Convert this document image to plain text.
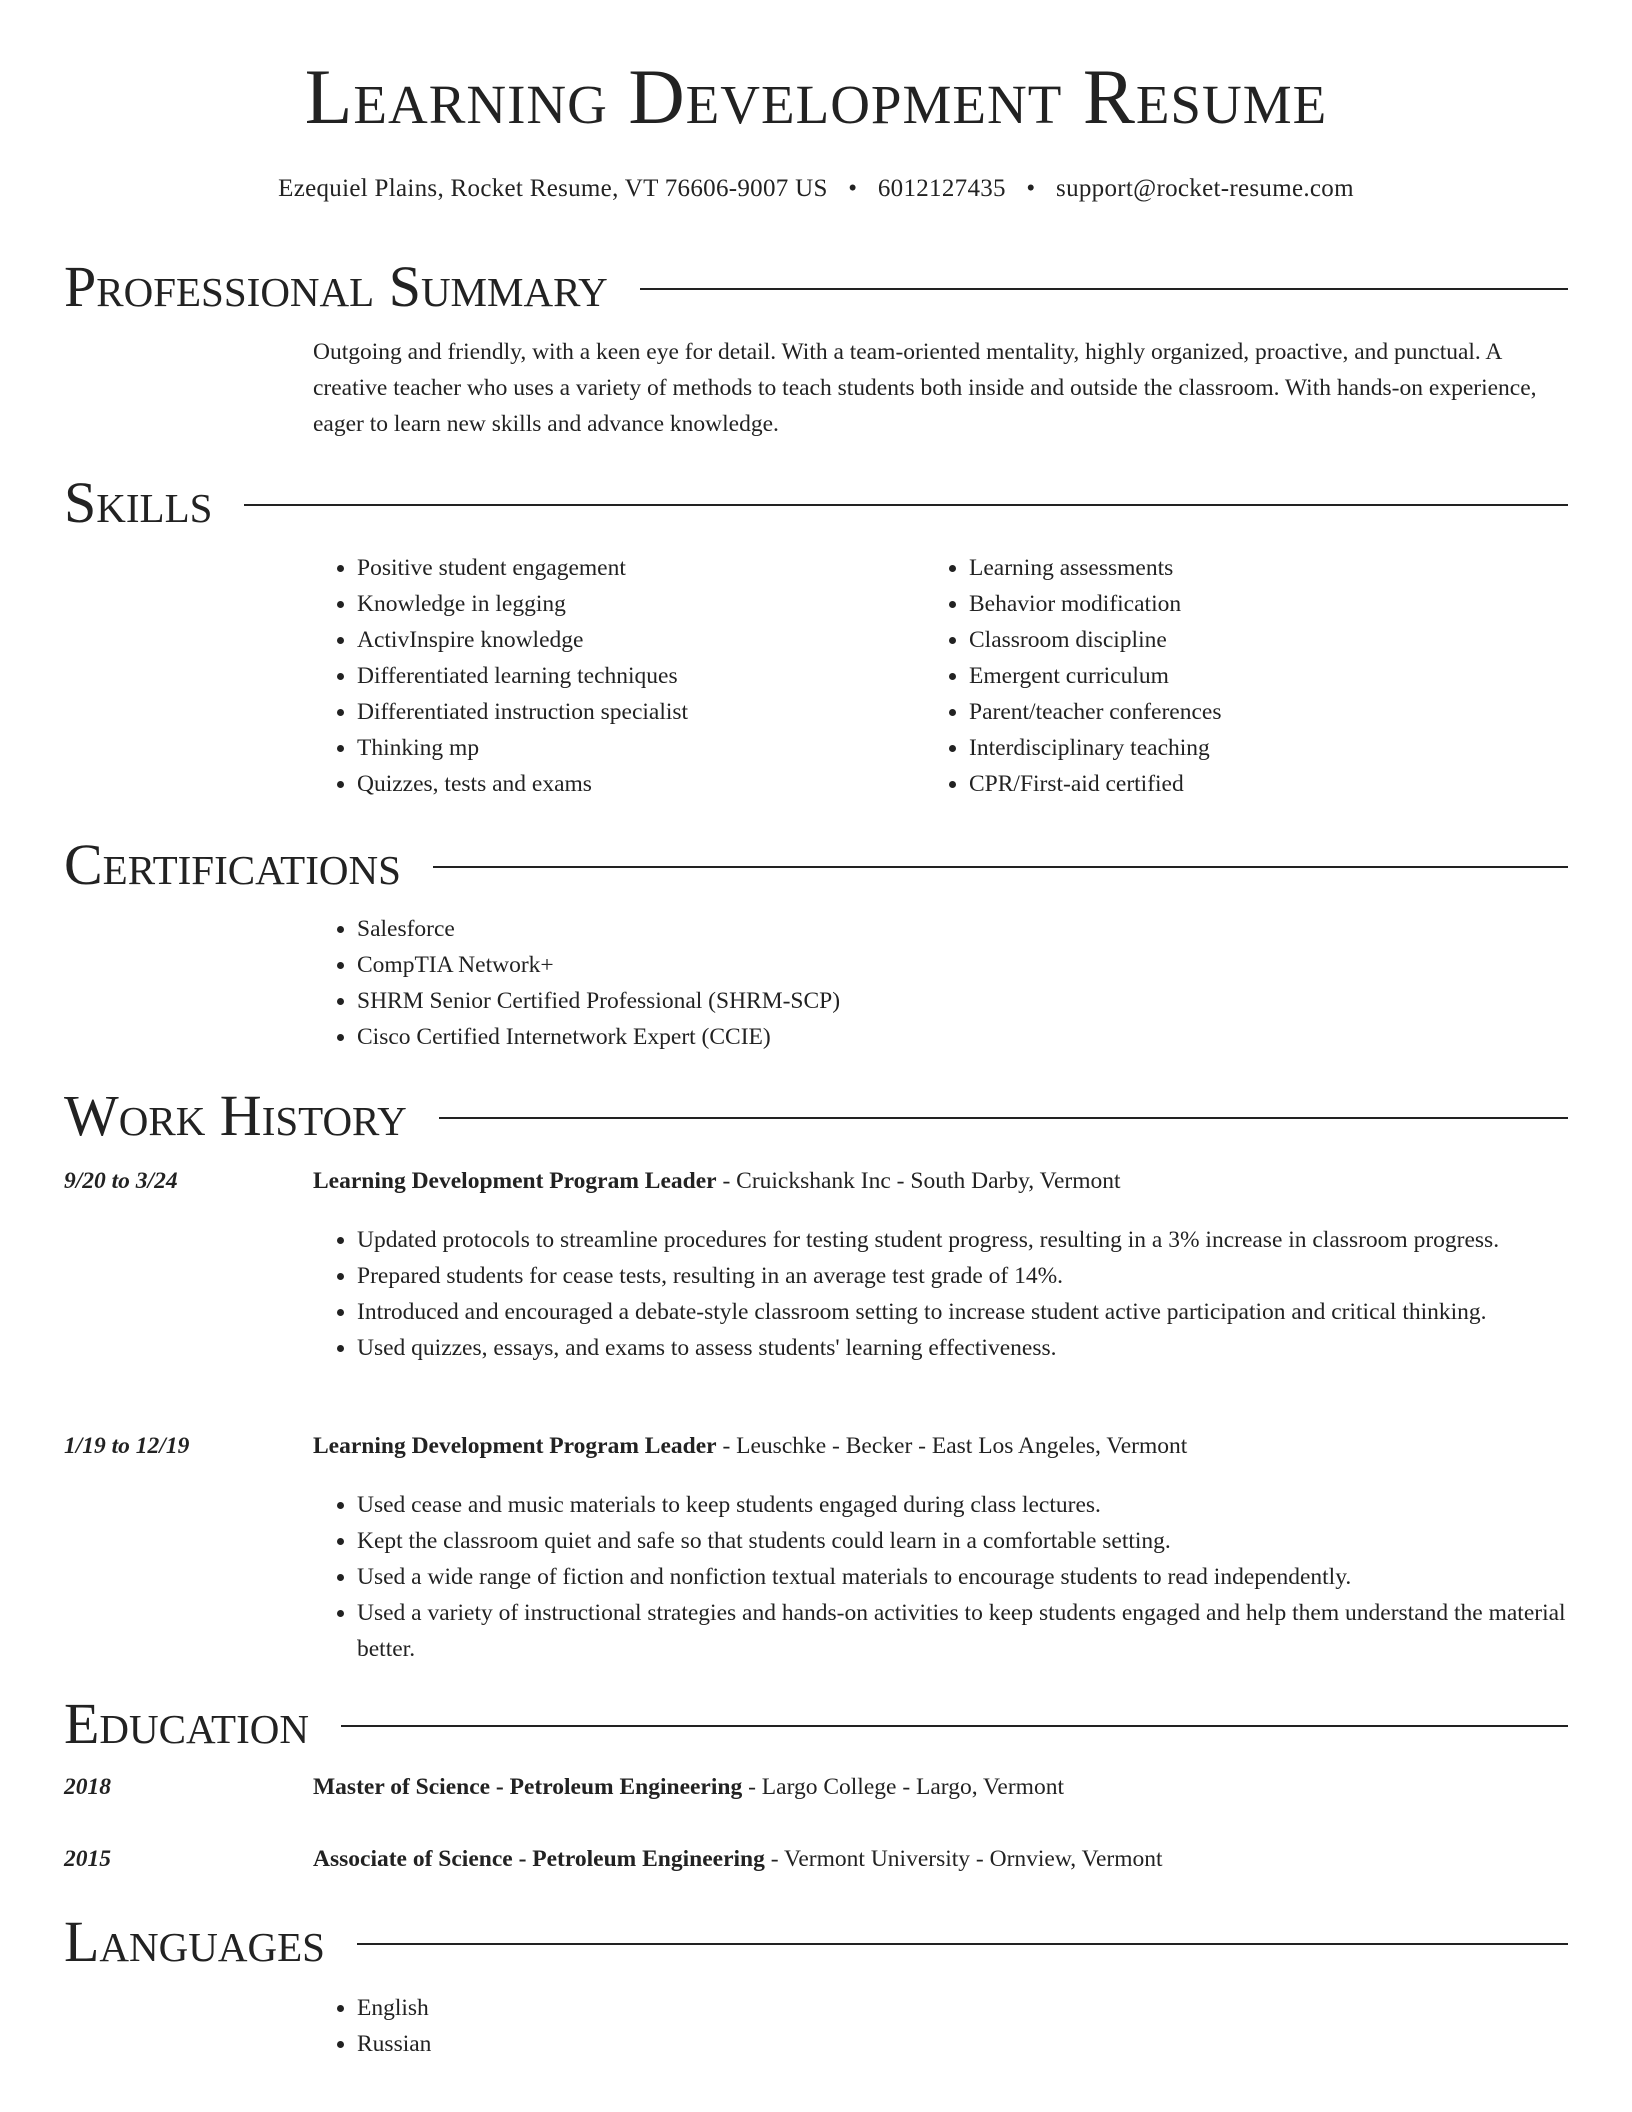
Learning Development Resume
Ezequiel Plains, Rocket Resume, VT 76606-9007 US • 6012127435 • support@rocket-resume.com
Professional Summary
Outgoing and friendly, with a keen eye for detail. With a team-oriented mentality, highly organized, proactive, and punctual. A creative teacher who uses a variety of methods to teach students both inside and outside the classroom. With hands-on experience, eager to learn new skills and advance knowledge.
Skills
• Positive student engagement
• Knowledge in legging
• ActivInspire knowledge
• Differentiated learning techniques
• Differentiated instruction specialist
• Thinking mp
• Quizzes, tests and exams
• Learning assessments
• Behavior modification
• Classroom discipline
• Emergent curriculum
• Parent/teacher conferences
• Interdisciplinary teaching
• CPR/First-aid certified
Certifications
• Salesforce
• CompTIA Network+
• SHRM Senior Certified Professional (SHRM-SCP)
• Cisco Certified Internetwork Expert (CCIE)
Work History
9/20 to 3/24	Learning Development Program Leader - Cruickshank Inc - South Darby, Vermont
• Updated protocols to streamline procedures for testing student progress, resulting in a 3% increase in classroom progress.
• Prepared students for cease tests, resulting in an average test grade of 14%.
• Introduced and encouraged a debate-style classroom setting to increase student active participation and critical thinking.
• Used quizzes, essays, and exams to assess students' learning effectiveness.
1/19 to 12/19	Learning Development Program Leader - Leuschke - Becker - East Los Angeles, Vermont
• Used cease and music materials to keep students engaged during class lectures.
• Kept the classroom quiet and safe so that students could learn in a comfortable setting.
• Used a wide range of fiction and nonfiction textual materials to encourage students to read independently.
• Used a variety of instructional strategies and hands-on activities to keep students engaged and help them understand the material better.
Education
2018	Master of Science - Petroleum Engineering - Largo College - Largo, Vermont
2015	Associate of Science - Petroleum Engineering - Vermont University - Ornview, Vermont
Languages
• English
• Russian
